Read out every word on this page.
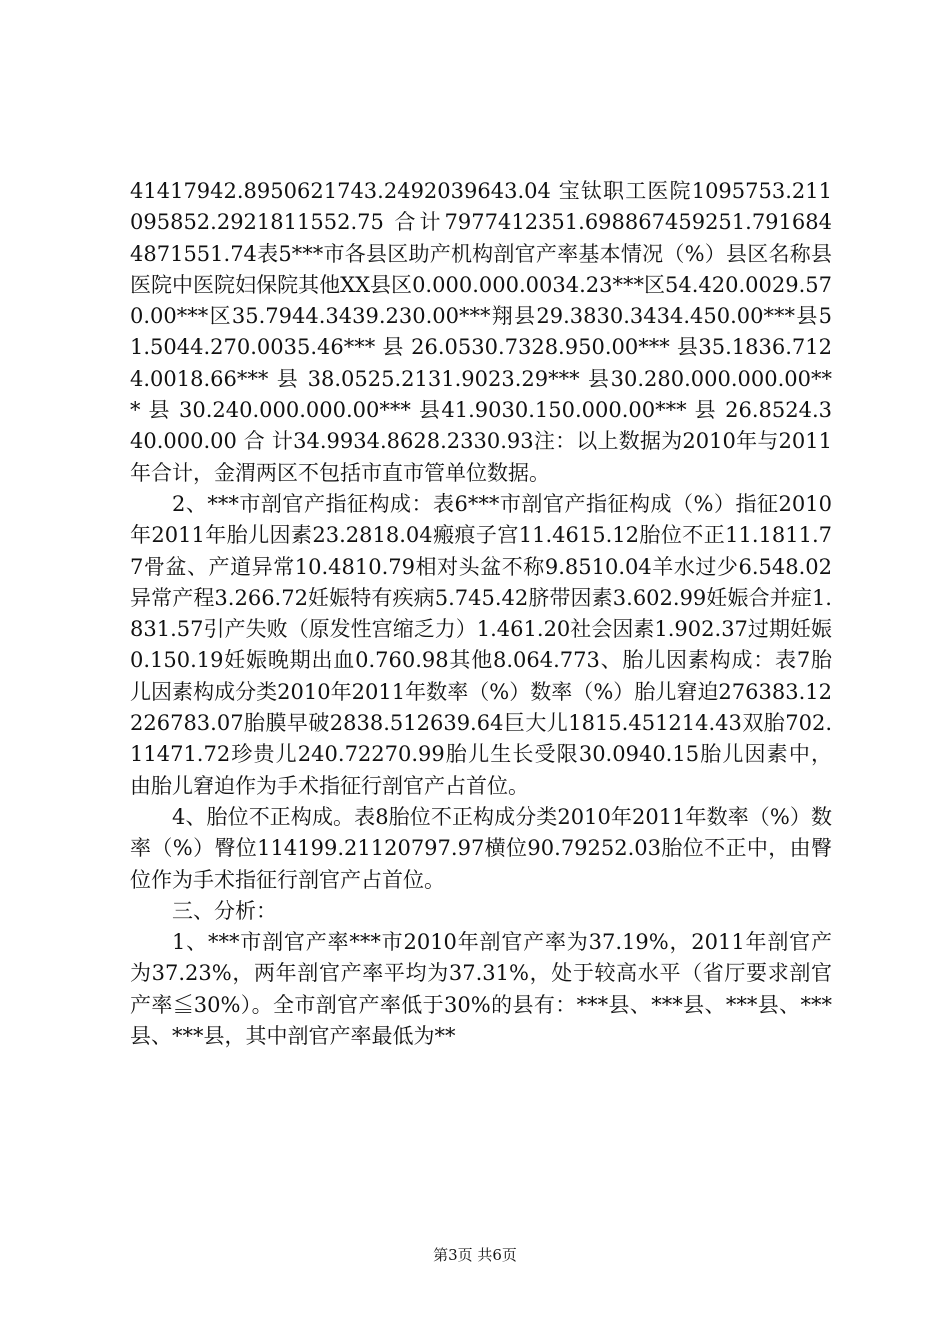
41417942.8950621743.2492039643.04 宝钛职工医院1095753.211095852.2921811552.75 合计7977412351.698867459251.7916844871551.74表5***市各县区助产机构剖官产率基本情况（%）县区名称县医院中医院妇保院其他XX县区0.000.000.0034.23***区54.420.0029.570.00***区35.7944.3439.230.00***翔县29.3830.3434.450.00***县51.5044.270.0035.46*** 县 26.0530.7328.950.00*** 县35.1836.7124.0018.66*** 县 38.0525.2131.9023.29*** 县30.280.000.000.00*** 县 30.240.000.000.00*** 县41.9030.150.000.00*** 县 26.8524.340.000.00 合 计34.9934.8628.2330.93注：以上数据为2010年与2011年合计，金渭两区不包括市直市管单位数据。

2、***市剖官产指征构成：表6***市剖官产指征构成（%）指征2010年2011年胎儿因素23.2818.04瘢痕子宫11.4615.12胎位不正11.1811.77骨盆、产道异常10.4810.79相对头盆不称9.8510.04羊水过少6.548.02异常产程3.266.72妊娠特有疾病5.745.42脐带因素3.602.99妊娠合并症1.831.57引产失败（原发性宫缩乏力）1.461.20社会因素1.902.37过期妊娠0.150.19妊娠晚期出血0.760.98其他8.064.773、胎儿因素构成：表7胎儿因素构成分类2010年2011年数率（%）数率（%）胎儿窘迫276383.12226783.07胎膜早破2838.512639.64巨大儿1815.451214.43双胎702.11471.72珍贵儿240.72270.99胎儿生长受限30.0940.15胎儿因素中，由胎儿窘迫作为手术指征行剖官产占首位。

4、胎位不正构成。表8胎位不正构成分类2010年2011年数率（%）数率（%）臀位114199.21120797.97横位90.79252.03胎位不正中，由臀位作为手术指征行剖官产占首位。

三、分析：

1、***市剖官产率***市2010年剖官产率为37.19%，2011年剖官产为37.23%，两年剖官产率平均为37.31%，处于较高水平（省厅要求剖官产率≦30%）。全市剖官产率低于30%的县有：***县、***县、***县、***县、***县，其中剖官产率最低为**

第3页 共6页
